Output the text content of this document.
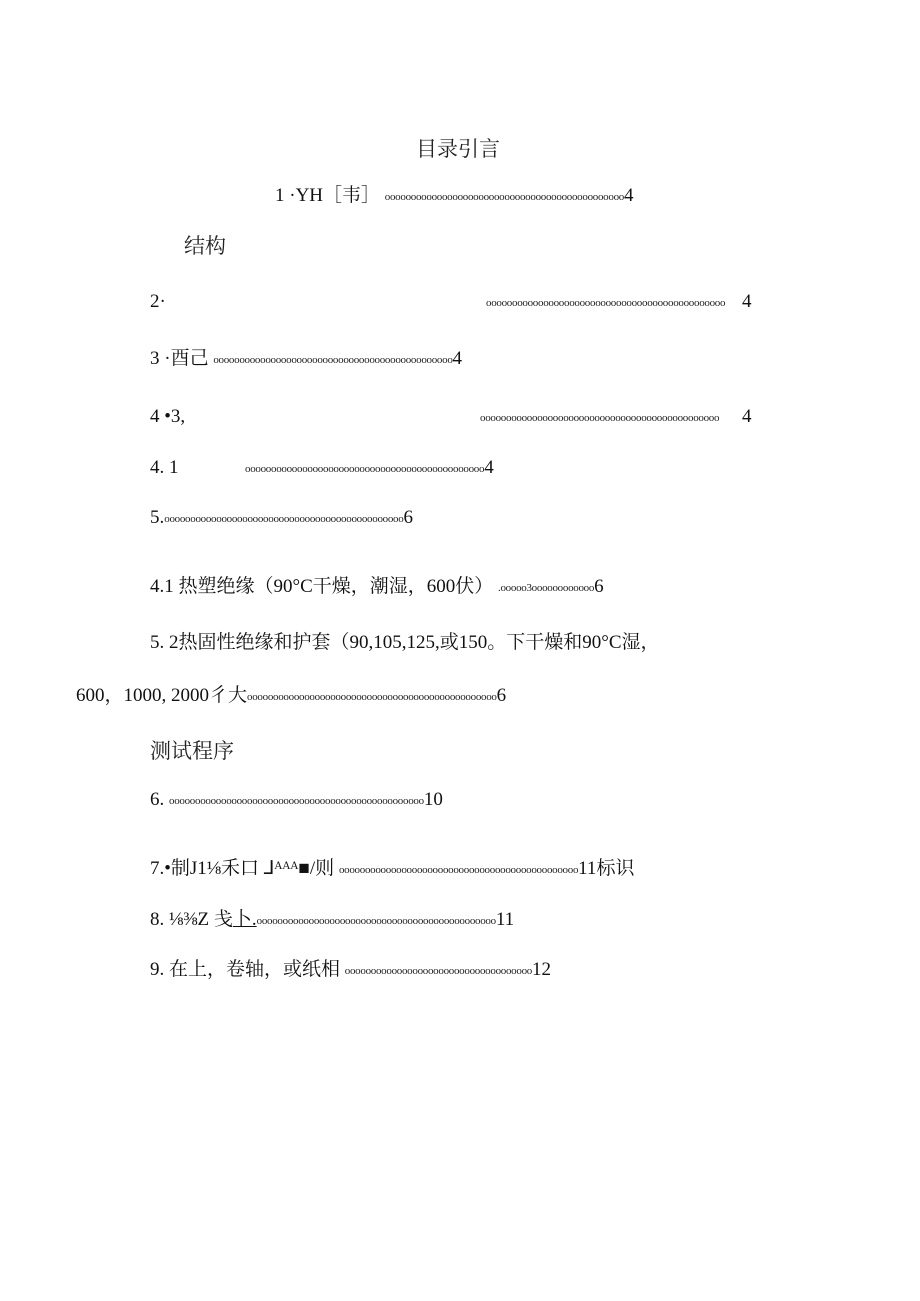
目录引言
1 ·YH［韦］ oooooooooooooooooooooooooooooooooooooooooooooo4
结构
2·	oooooooooooooooooooooooooooooooooooooooooooooo 4
3 ·酉己 oooooooooooooooooooooooooooooooooooooooooooooo4
4 •3,	oooooooooooooooooooooooooooooooooooooooooooooo 4
4. 1	oooooooooooooooooooooooooooooooooooooooooooooo4
5.oooooooooooooooooooooooooooooooooooooooooooooo6
4.1 热塑绝缘（90°C干燥，潮湿，600伏） .ooooo3oooooooooooo6
5. 2热固性绝缘和护套（90,105,125,或150。下干燥和90°C湿，
600，1000, 2000彳大oooooooooooooooooooooooooooooooooooooooooooooooo6
测试程序
6. ooooooooooooooooooooooooooooooooooooooooooooooooo10
7.•制J1⅛禾口 ⅃ᴬᴬᴬ■/则 oooooooooooooooooooooooooooooooooooooooooooooo11标识
8. ⅛⅜Z 戋卜.oooooooooooooooooooooooooooooooooooooooooooooo11
9. 在上，卷轴，或纸相 oooooooooooooooooooooooooooooooooooo12
